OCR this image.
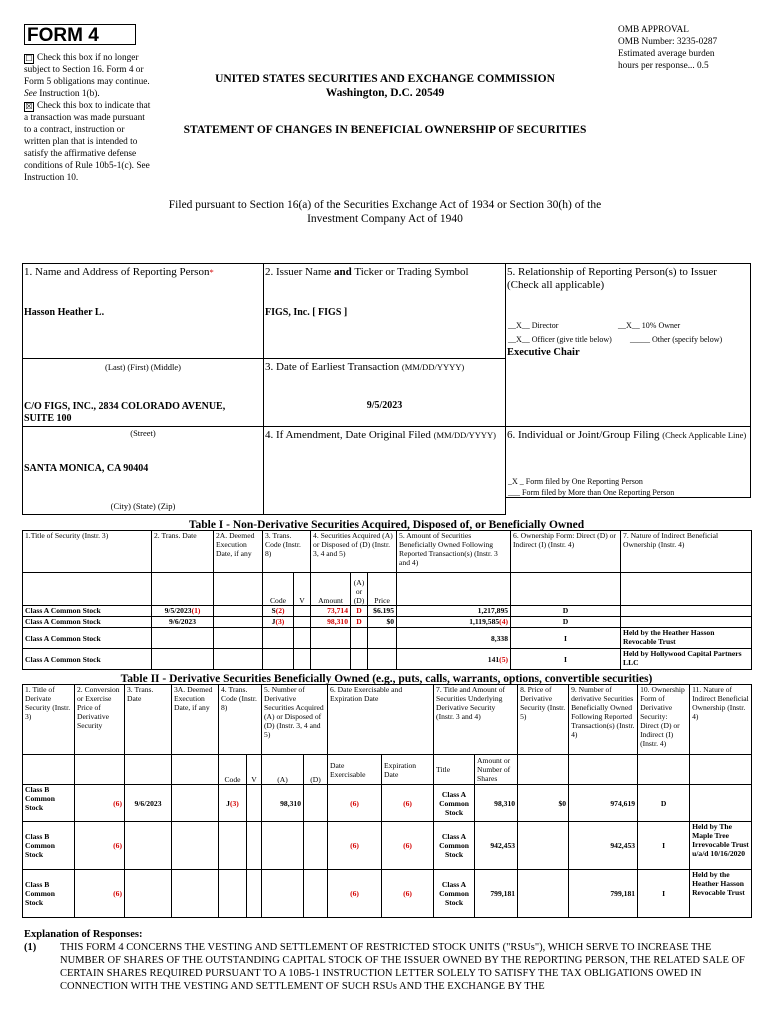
FORM 4
☐ Check this box if no longer subject to Section 16. Form 4 or Form 5 obligations may continue. See Instruction 1(b).
☒ Check this box to indicate that a transaction was made pursuant to a contract, instruction or written plan that is intended to satisfy the affirmative defense conditions of Rule 10b5-1(c). See Instruction 10.
OMB APPROVAL
OMB Number: 3235-0287
Estimated average burden
hours per response... 0.5
UNITED STATES SECURITIES AND EXCHANGE COMMISSION
Washington, D.C. 20549
STATEMENT OF CHANGES IN BENEFICIAL OWNERSHIP OF SECURITIES
Filed pursuant to Section 16(a) of the Securities Exchange Act of 1934 or Section 30(h) of the Investment Company Act of 1940
1. Name and Address of Reporting Person*
Hasson Heather L.
(Last) (First) (Middle)
C/O FIGS, INC., 2834 COLORADO AVENUE, SUITE 100
(Street)
SANTA MONICA, CA 90404
(City) (State) (Zip)
2. Issuer Name and Ticker or Trading Symbol
FIGS, Inc. [ FIGS ]
3. Date of Earliest Transaction (MM/DD/YYYY)
9/5/2023
4. If Amendment, Date Original Filed (MM/DD/YYYY)
5. Relationship of Reporting Person(s) to Issuer (Check all applicable)
__X__ Director	__X__ 10% Owner
__X__ Officer (give title below) _____ Other (specify below)
Executive Chair
6. Individual or Joint/Group Filing (Check Applicable Line)
_X _ Form filed by One Reporting Person
___ Form filed by More than One Reporting Person
Table I - Non-Derivative Securities Acquired, Disposed of, or Beneficially Owned
1.Title of Security (Instr. 3)	2. Trans. Date	2A. Deemed Execution Date, if any	3. Trans. Code (Instr. 8)		4. Securities Acquired (A) or Disposed of (D) (Instr. 3, 4 and 5)			5. Amount of Securities Beneficially Owned Following Reported Transaction(s) (Instr. 3 and 4)	6. Ownership Form: Direct (D) or Indirect (I) (Instr. 4)	7. Nature of Indirect Beneficial Ownership (Instr. 4)
			Code	V	Amount	(A) or (D)	Price			
Class A Common Stock	9/5/2023(1)		S(2)		73,714	D	$6.195	1,217,895	D	
Class A Common Stock	9/6/2023		J(3)		98,310	D	$0	1,119,585(4)	D	
Class A Common Stock								8,338	I	Held by the Heather Hasson Revocable Trust
Class A Common Stock								141(5)	I	Held by Hollywood Capital Partners LLC
Table II - Derivative Securities Beneficially Owned (e.g., puts, calls, warrants, options, convertible securities)
1. Title of Derivate Security (Instr. 3)	2. Conversion or Exercise Price of Derivative Security	3. Trans. Date	3A. Deemed Execution Date, if any	4. Trans. Code (Instr. 8)		5. Number of Derivative Securities Acquired (A) or Disposed of (D) (Instr. 3, 4 and 5)		6. Date Exercisable and Expiration Date		7. Title and Amount of Securities Underlying Derivative Security (Instr. 3 and 4)		8. Price of Derivative Security (Instr. 5)	9. Number of derivative Securities Beneficially Owned Following Reported Transaction(s) (Instr. 4)	10. Ownership Form of Derivative Security: Direct (D) or Indirect (I) (Instr. 4)	11. Nature of Indirect Beneficial Ownership (Instr. 4)
				Code	V	(A)	(D)	Date Exercisable	Expiration Date	Title	Amount or Number of Shares				
Class B Common Stock	(6)	9/6/2023		J(3)		98,310		(6)	(6)	Class A Common Stock	98,310	$0	974,619	D	
Class B Common Stock	(6)							(6)	(6)	Class A Common Stock	942,453		942,453	I	Held by The Maple Tree Irrevocable Trust u/a/d 10/16/2020
Class B Common Stock	(6)							(6)	(6)	Class A Common Stock	799,181		799,181	I	Held by the Heather Hasson Revocable Trust
Explanation of Responses:
(1)	THIS FORM 4 CONCERNS THE VESTING AND SETTLEMENT OF RESTRICTED STOCK UNITS ("RSUs"), WHICH SERVE TO INCREASE THE NUMBER OF SHARES OF THE OUTSTANDING CAPITAL STOCK OF THE ISSUER OWNED BY THE REPORTING PERSON, THE RELATED SALE OF CERTAIN SHARES REQUIRED PURSUANT TO A 10B5-1 INSTRUCTION LETTER SOLELY TO SATISFY THE TAX OBLIGATIONS OWED IN CONNECTION WITH THE VESTING AND SETTLEMENT OF SUCH RSUs AND THE EXCHANGE BY THE
